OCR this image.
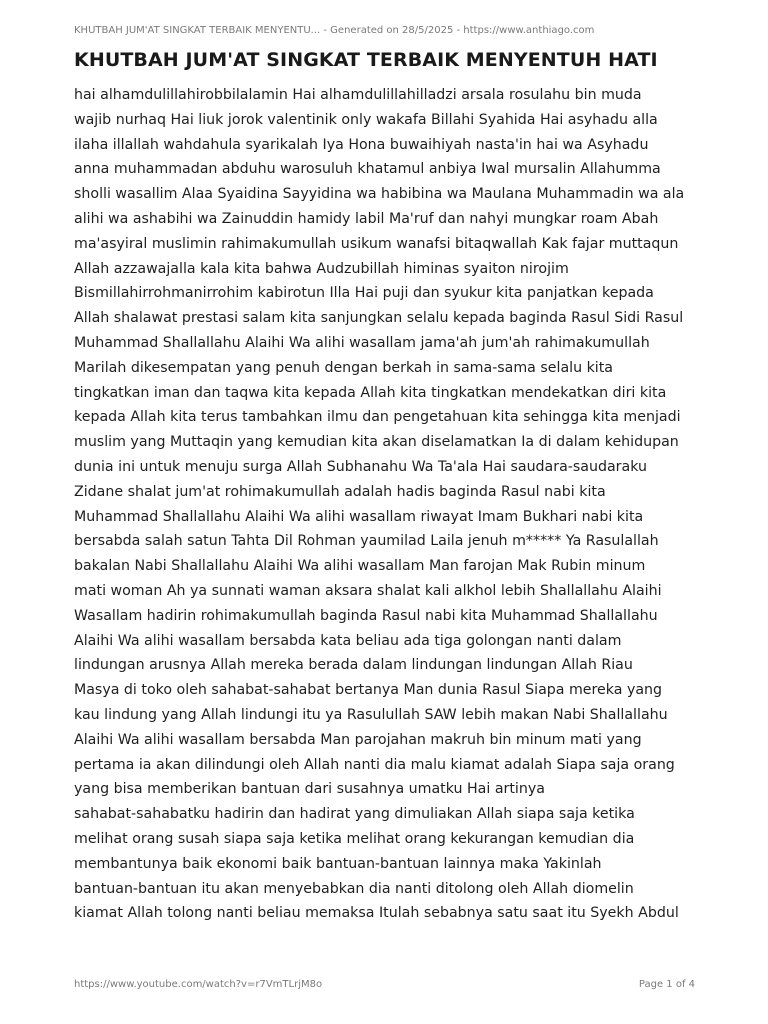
KHUTBAH JUM'AT SINGKAT TERBAIK MENYENTU... - Generated on 28/5/2025 - https://www.anthiago.com
KHUTBAH JUM'AT SINGKAT TERBAIK MENYENTUH HATI
hai alhamdulillahirobbilalamin Hai alhamdulillahilladzi arsala rosulahu bin muda
wajib nurhaq Hai liuk jorok valentinik only wakafa Billahi Syahida Hai asyhadu alla
ilaha illallah wahdahula syarikalah Iya Hona buwaihiyah nasta'in hai wa Asyhadu
anna muhammadan abduhu warosuluh khatamul anbiya Iwal mursalin Allahumma
sholli wasallim Alaa Syaidina Sayyidina wa habibina wa Maulana Muhammadin wa ala
alihi wa ashabihi wa Zainuddin hamidy labil Ma'ruf dan nahyi mungkar roam Abah
ma'asyiral muslimin rahimakumullah usikum wanafsi bitaqwallah Kak fajar muttaqun
Allah azzawajalla kala kita bahwa Audzubillah himinas syaiton nirojim
Bismillahirrohmanirrohim kabirotun Illa Hai puji dan syukur kita panjatkan kepada
Allah shalawat prestasi salam kita sanjungkan selalu kepada baginda Rasul Sidi Rasul
Muhammad Shallallahu Alaihi Wa alihi wasallam jama'ah jum'ah rahimakumullah
Marilah dikesempatan yang penuh dengan berkah in sama-sama selalu kita
tingkatkan iman dan taqwa kita kepada Allah kita tingkatkan mendekatkan diri kita
kepada Allah kita terus tambahkan ilmu dan pengetahuan kita sehingga kita menjadi
muslim yang Muttaqin yang kemudian kita akan diselamatkan Ia di dalam kehidupan
dunia ini untuk menuju surga Allah Subhanahu Wa Ta'ala Hai saudara-saudaraku
Zidane shalat jum'at rohimakumullah adalah hadis baginda Rasul nabi kita
Muhammad Shallallahu Alaihi Wa alihi wasallam riwayat Imam Bukhari nabi kita
bersabda salah satun Tahta Dil Rohman yaumilad Laila jenuh m***** Ya Rasulallah
bakalan Nabi Shallallahu Alaihi Wa alihi wasallam Man farojan Mak Rubin minum
mati woman Ah ya sunnati waman aksara shalat kali alkhol lebih Shallallahu Alaihi
Wasallam hadirin rohimakumullah baginda Rasul nabi kita Muhammad Shallallahu
Alaihi Wa alihi wasallam bersabda kata beliau ada tiga golongan nanti dalam
lindungan arusnya Allah mereka berada dalam lindungan lindungan Allah Riau
Masya di toko oleh sahabat-sahabat bertanya Man dunia Rasul Siapa mereka yang
kau lindung yang Allah lindungi itu ya Rasulullah SAW lebih makan Nabi Shallallahu
Alaihi Wa alihi wasallam bersabda Man parojahan makruh bin minum mati yang
pertama ia akan dilindungi oleh Allah nanti dia malu kiamat adalah Siapa saja orang
yang bisa memberikan bantuan dari susahnya umatku Hai artinya
sahabat-sahabatku hadirin dan hadirat yang dimuliakan Allah siapa saja ketika
melihat orang susah siapa saja ketika melihat orang kekurangan kemudian dia
membantunya baik ekonomi baik bantuan-bantuan lainnya maka Yakinlah
bantuan-bantuan itu akan menyebabkan dia nanti ditolong oleh Allah diomelin
kiamat Allah tolong nanti beliau memaksa Itulah sebabnya satu saat itu Syekh Abdul
https://www.youtube.com/watch?v=r7VmTLrjM8o	Page 1 of 4
